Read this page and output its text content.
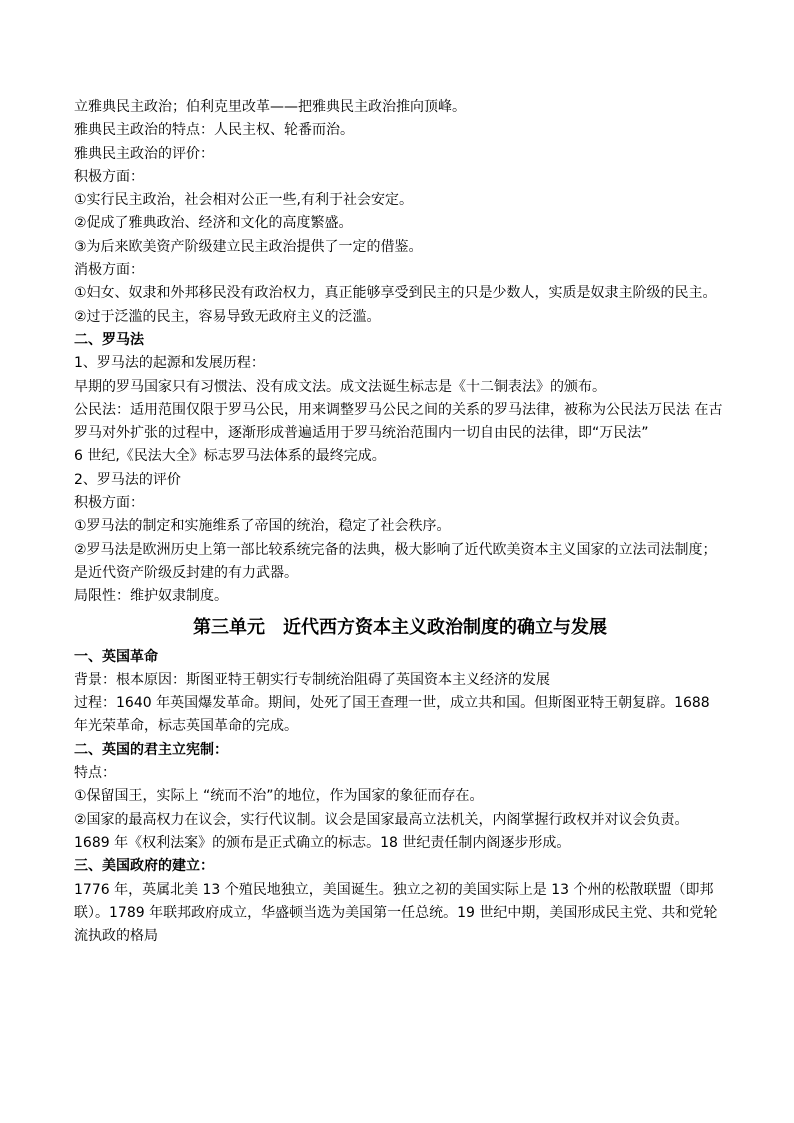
立雅典民主政治；伯利克里改革——把雅典民主政治推向顶峰。

雅典民主政治的特点：人民主权、轮番而治。

雅典民主政治的评价：

积极方面：

①实行民主政治，社会相对公正一些,有利于社会安定。

②促成了雅典政治、经济和文化的高度繁盛。

③为后来欧美资产阶级建立民主政治提供了一定的借鉴。

消极方面：

①妇女、奴隶和外邦移民没有政治权力，真正能够享受到民主的只是少数人，实质是奴隶主阶级的民主。

②过于泛滥的民主，容易导致无政府主义的泛滥。

二、罗马法

1、罗马法的起源和发展历程：

早期的罗马国家只有习惯法、没有成文法。成文法诞生标志是《十二铜表法》的颁布。

公民法：适用范围仅限于罗马公民，用来调整罗马公民之间的关系的罗马法律，被称为公民法万民法 在古罗马对外扩张的过程中，逐渐形成普遍适用于罗马统治范围内一切自由民的法律，即“万民法”

6 世纪,《民法大全》标志罗马法体系的最终完成。

2、罗马法的评价

积极方面：

①罗马法的制定和实施维系了帝国的统治，稳定了社会秩序。

②罗马法是欧洲历史上第一部比较系统完备的法典，极大影响了近代欧美资本主义国家的立法司法制度；是近代资产阶级反封建的有力武器。

局限性：维护奴隶制度。

第三单元　近代西方资本主义政治制度的确立与发展

一、英国革命

背景：根本原因：斯图亚特王朝实行专制统治阻碍了英国资本主义经济的发展

过程：1640 年英国爆发革命。期间，处死了国王查理一世，成立共和国。但斯图亚特王朝复辟。1688 年光荣革命，标志英国革命的完成。

二、英国的君主立宪制：

特点：

①保留国王，实际上 “统而不治”的地位，作为国家的象征而存在。

②国家的最高权力在议会，实行代议制。议会是国家最高立法机关，内阁掌握行政权并对议会负责。

1689 年《权利法案》的颁布是正式确立的标志。18 世纪责任制内阁逐步形成。

三、美国政府的建立：

1776 年，英属北美 13 个殖民地独立，美国诞生。独立之初的美国实际上是 13 个州的松散联盟（即邦联）。1789 年联邦政府成立，华盛顿当选为美国第一任总统。19 世纪中期，美国形成民主党、共和党轮流执政的格局
